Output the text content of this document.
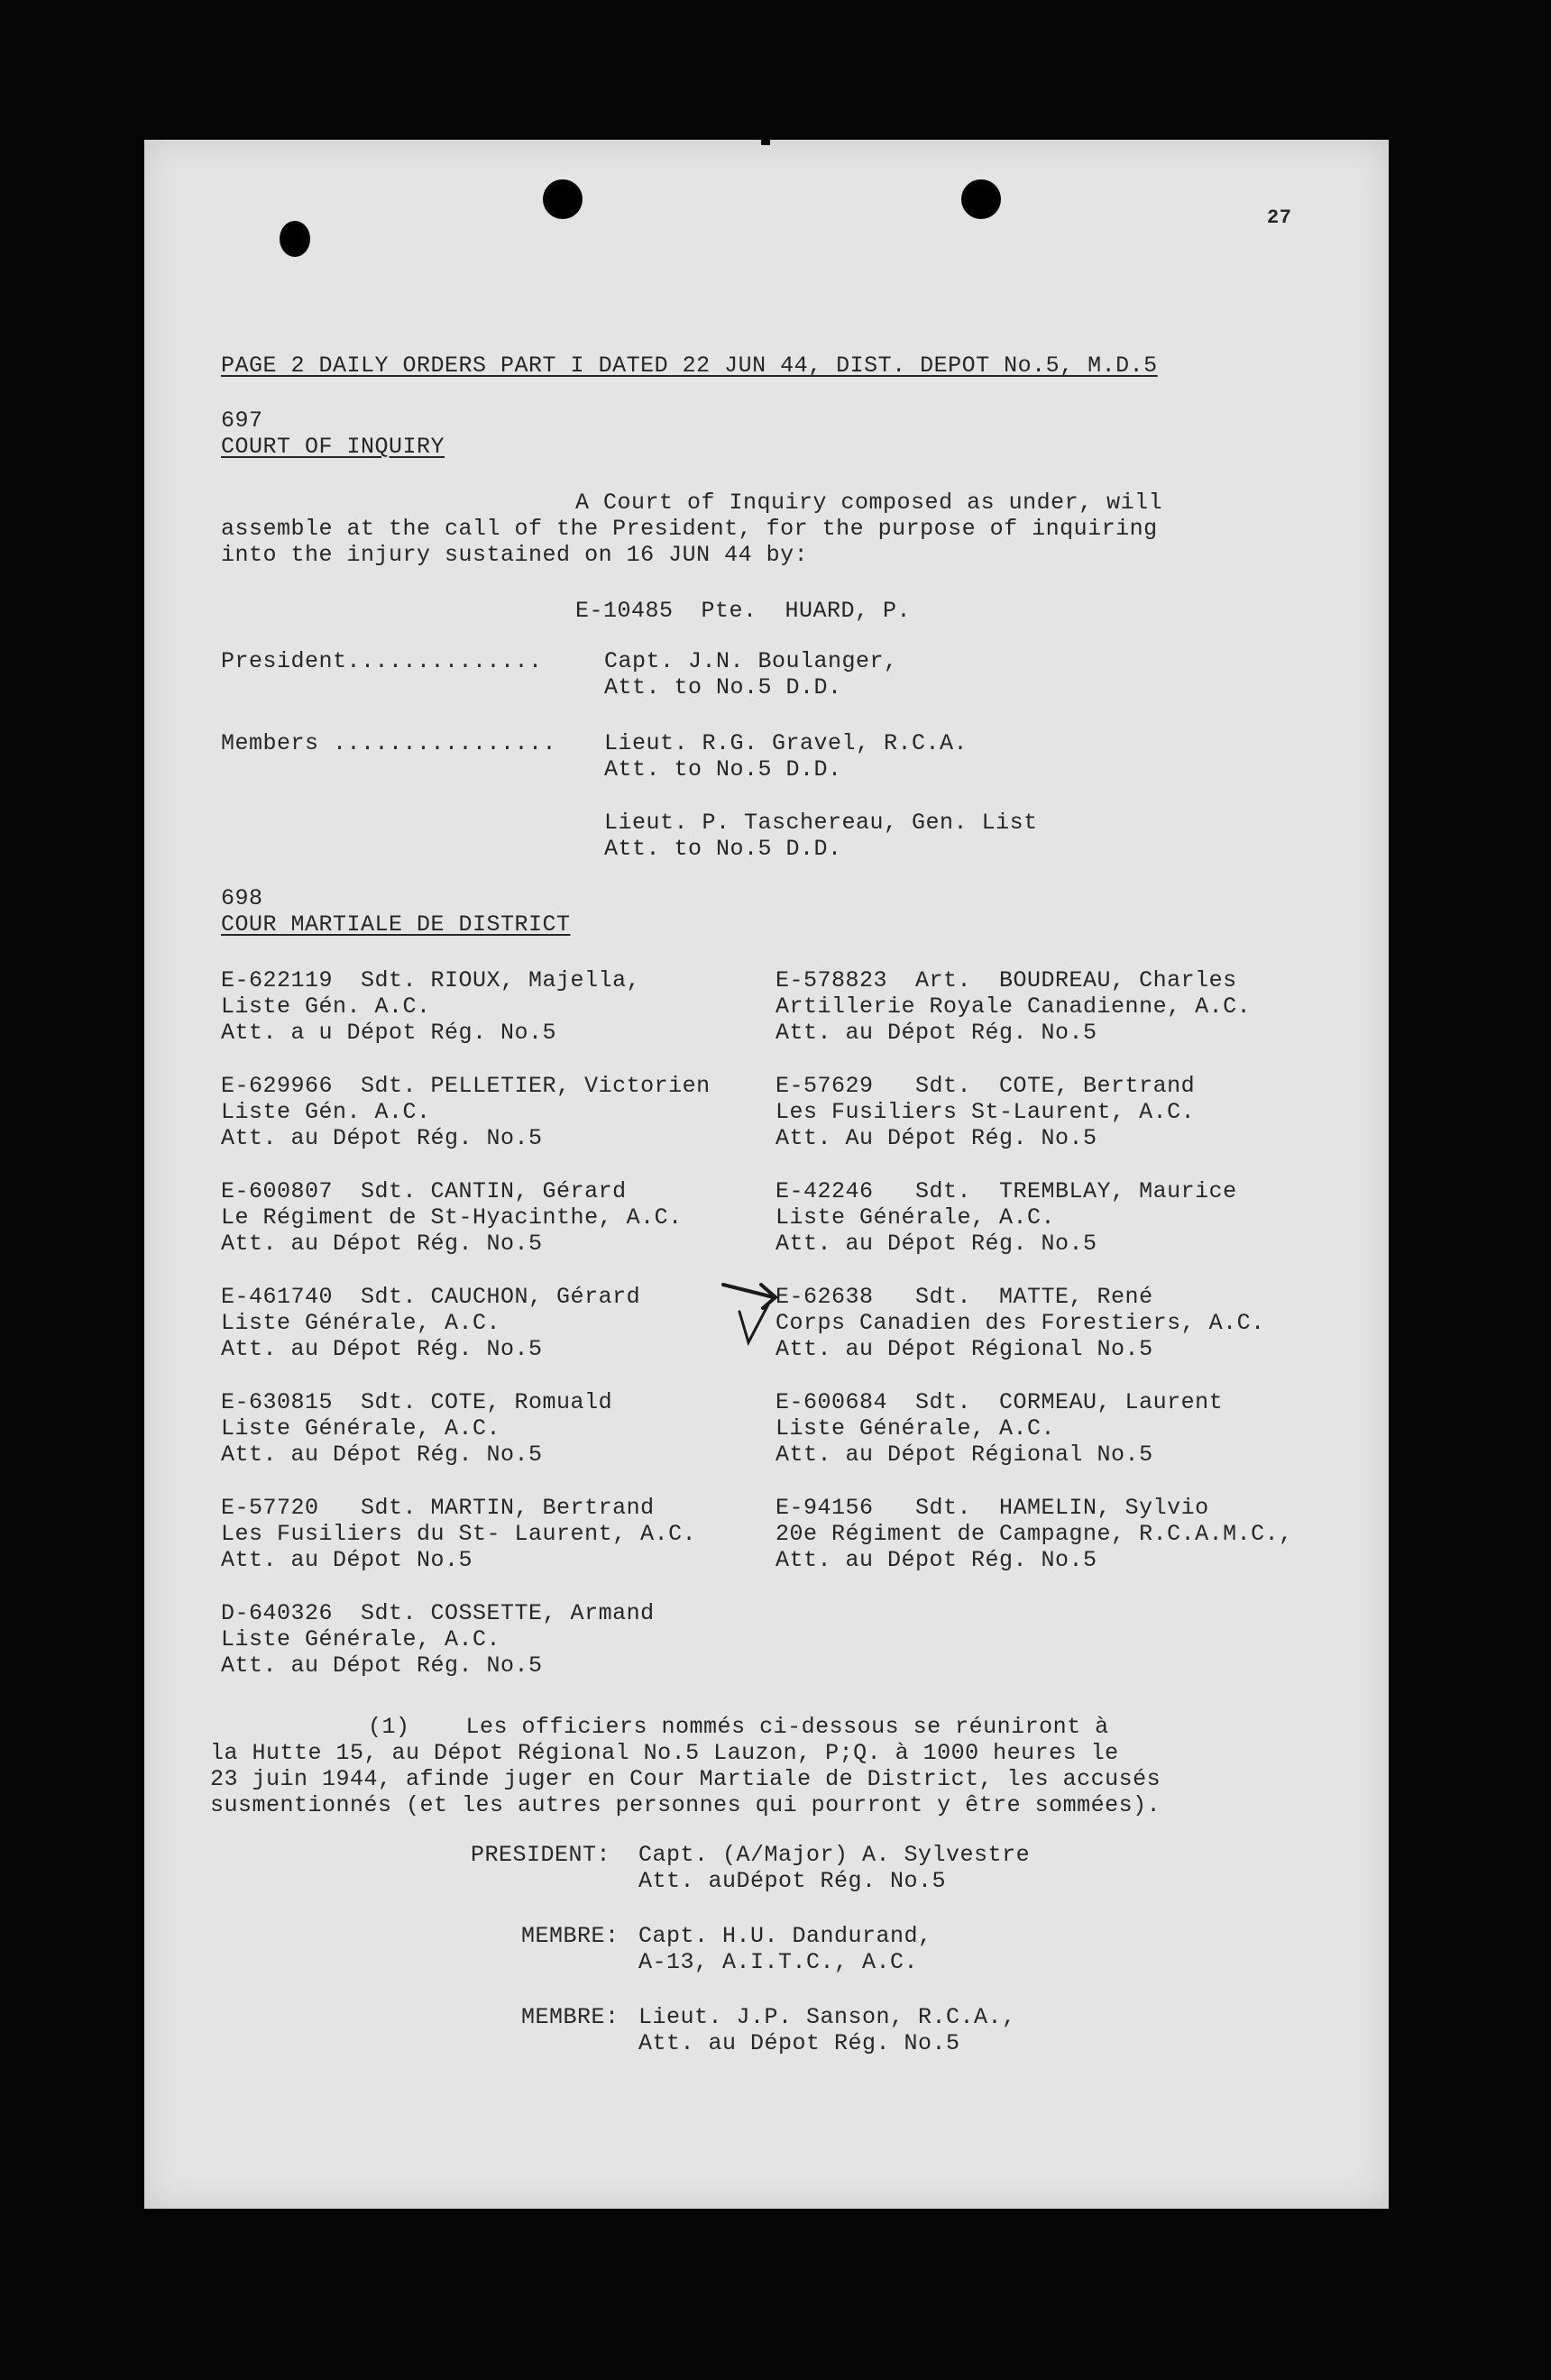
27
PAGE 2 DAILY ORDERS PART I DATED 22 JUN 44, DIST. DEPOT No.5, M.D.5
697
COURT OF INQUIRY
A Court of Inquiry composed as under, will
assemble at the call of the President, for the purpose of inquiring
into the injury sustained on 16 JUN 44 by:
E-10485  Pte.  HUARD, P.
President..............	Capt. J.N. Boulanger,
Att. to No.5 D.D.
Members ................ Lieut. R.G. Gravel, R.C.A.
Att. to No.5 D.D.
Lieut. P. Taschereau, Gen. List
Att. to No.5 D.D.
698
COUR MARTIALE DE DISTRICT
E-622119  Sdt. RIOUX, Majella,
Liste Gén. A.C.
Att. a u Dépot Rég. No.5
E-629966  Sdt. PELLETIER, Victorien
Liste Gén. A.C.
Att. au Dépot Rég. No.5
E-600807  Sdt. CANTIN, Gérard
Le Régiment de St-Hyacinthe, A.C.
Att. au Dépot Rég. No.5
E-461740  Sdt. CAUCHON, Gérard
Liste Générale, A.C.
Att. au Dépot Rég. No.5
E-630815  Sdt. COTE, Romuald
Liste Générale, A.C.
Att. au Dépot Rég. No.5
E-57720   Sdt. MARTIN, Bertrand
Les Fusiliers du St- Laurent, A.C.
Att. au Dépot No.5
D-640326  Sdt. COSSETTE, Armand
Liste Générale, A.C.
Att. au Dépot Rég. No.5
E-578823  Art.  BOUDREAU, Charles
Artillerie Royale Canadienne, A.C.
Att. au Dépot Rég. No.5
E-57629   Sdt.  COTE, Bertrand
Les Fusiliers St-Laurent, A.C.
Att. Au Dépot Rég. No.5
E-42246   Sdt.  TREMBLAY, Maurice
Liste Générale, A.C.
Att. au Dépot Rég. No.5
E-62638   Sdt.  MATTE, René
Corps Canadien des Forestiers, A.C.
Att. au Dépot Régional No.5
E-600684  Sdt.  CORMEAU, Laurent
Liste Générale, A.C.
Att. au Dépot Régional No.5
E-94156   Sdt.  HAMELIN, Sylvio
20e Régiment de Campagne, R.C.A.M.C.,
Att. au Dépot Rég. No.5
(1)    Les officiers nommés ci-dessous se réuniront à
la Hutte 15, au Dépot Régional No.5 Lauzon, P;Q. à 1000 heures le
23 juin 1944, afinde juger en Cour Martiale de District, les accusés
susmentionnés (et les autres personnes qui pourront y être sommées).
PRESIDENT: Capt. (A/Major) A. Sylvestre
Att. auDépot Rég. No.5
MEMBRE: Capt. H.U. Dandurand,
A-13, A.I.T.C., A.C.
MEMBRE: Lieut. J.P. Sanson, R.C.A.,
Att. au Dépot Rég. No.5
